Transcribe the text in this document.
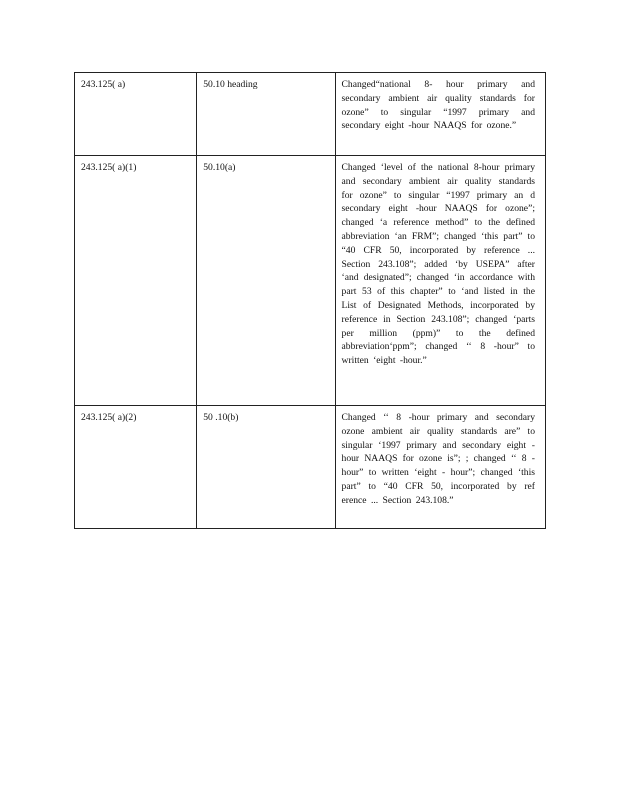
243.125( a)	50.10 heading	Changed“national 8- hour primary and secondary ambient air quality standards for ozone” to singular “1997 primary and secondary eight -hour NAAQS for ozone.”
243.125( a)(1)	50.10(a)	Changed ‘level of the national 8-hour primary and secondary ambient air quality standards for ozone” to singular “1997 primary an d secondary eight -hour NAAQS for ozone”; changed ‘a reference method” to the defined abbreviation ‘an FRM”; changed ‘this part” to “40 CFR 50, incorporated by reference ... Section 243.108”; added ‘by USEPA” after ‘and designated”; changed ‘in accordance with part 53 of this chapter” to ‘and listed in the List of Designated Methods, incorporated by reference in Section 243.108”; changed ‘parts per million (ppm)” to the defined abbreviation‘ppm”; changed ‘‘ 8 -hour” to written ‘eight -hour.”
243.125( a)(2)	50 .10(b)	Changed ‘‘ 8 -hour primary and secondary ozone ambient air quality standards are” to singular ‘1997 primary and secondary eight -hour NAAQS for ozone is”; ; changed ‘‘ 8 -hour” to written ‘eight - hour”; changed ‘this part” to “40 CFR 50, incorporated by ref erence ... Section 243.108.”
